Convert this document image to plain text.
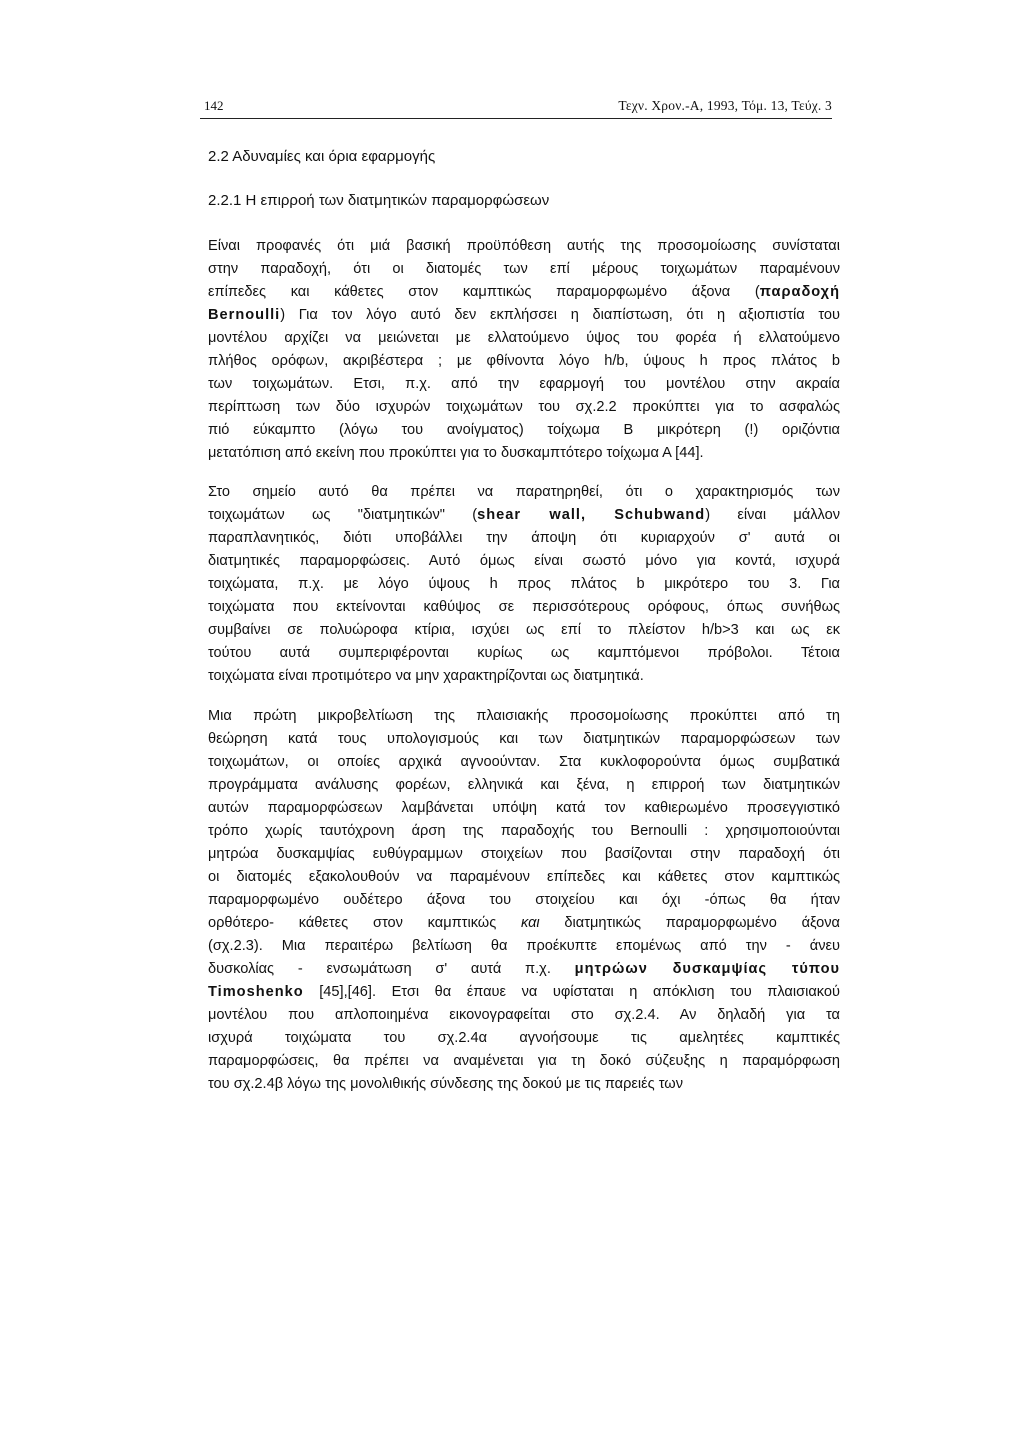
142	Τεχν. Χρον.-Α, 1993, Τόμ. 13, Τεύχ. 3
2.2 Αδυναμίες και όρια εφαρμογής
2.2.1 Η επιρροή των διατμητικών παραμορφώσεων
Είναι προφανές ότι μιά βασική προϋπόθεση αυτής της προσομοίωσης συνίσταται
στην παραδοχή, ότι οι διατομές των επί μέρους τοιχωμάτων παραμένουν
επίπεδες και κάθετες στον καμπτικώς παραμορφωμένο άξονα (παραδοχή
Bernoulli) Για τον λόγο αυτό δεν εκπλήσσει η διαπίστωση, ότι η αξιοπιστία του
μοντέλου αρχίζει να μειώνεται με ελλατούμενο ύψος του φορέα ή ελλατούμενο
πλήθος ορόφων, ακριβέστερα ; με φθίνοντα λόγο h/b, ύψους h προς πλάτος b
των τοιχωμάτων. Ετσι, π.χ. από την εφαρμογή του μοντέλου στην ακραία
περίπτωση των δύο ισχυρών τοιχωμάτων του σχ.2.2 προκύπτει για το ασφαλώς
πιό εύκαμπτο (λόγω του ανοίγματος) τοίχωμα Β μικρότερη (!) οριζόντια
μετατόπιση από εκείνη που προκύπτει για το δυσκαμπτότερο τοίχωμα Α [44].
Στο σημείο αυτό θα πρέπει να παρατηρηθεί, ότι ο χαρακτηρισμός των
τοιχωμάτων ως "διατμητικών" (shear wall, Schubwand) είναι μάλλον
παραπλανητικός, διότι υποβάλλει την άποψη ότι κυριαρχούν σ' αυτά οι
διατμητικές παραμορφώσεις. Αυτό όμως είναι σωστό μόνο για κοντά, ισχυρά
τοιχώματα, π.χ. με λόγο ύψους h προς πλάτος b μικρότερο του 3. Για
τοιχώματα που εκτείνονται καθύψος σε περισσότερους ορόφους, όπως συνήθως
συμβαίνει σε πολυώροφα κτίρια, ισχύει ως επί το πλείστον h/b>3 και ως εκ
τούτου αυτά συμπεριφέρονται κυρίως ως καμπτόμενοι πρόβολοι. Τέτοια
τοιχώματα είναι προτιμότερο να μην χαρακτηρίζονται ως διατμητικά.
Μια πρώτη μικροβελτίωση της πλαισιακής προσομοίωσης προκύπτει από τη
θεώρηση κατά τους υπολογισμούς και των διατμητικών παραμορφώσεων των
τοιχωμάτων, οι οποίες αρχικά αγνοούνταν. Στα κυκλοφορούντα όμως συμβατικά
προγράμματα ανάλυσης φορέων, ελληνικά και ξένα, η επιρροή των διατμητικών
αυτών παραμορφώσεων λαμβάνεται υπόψη κατά τον καθιερωμένο προσεγγιστικό
τρόπο χωρίς ταυτόχρονη άρση της παραδοχής του Bernoulli : χρησιμοποιούνται
μητρώα δυσκαμψίας ευθύγραμμων στοιχείων που βασίζονται στην παραδοχή ότι
οι διατομές εξακολουθούν να παραμένουν επίπεδες και κάθετες στον καμπτικώς
παραμορφωμένο ουδέτερο άξονα του στοιχείου και όχι -όπως θα ήταν
ορθότερο- κάθετες στον καμπτικώς και διατμητικώς παραμορφωμένο άξονα
(σχ.2.3). Μια περαιτέρω βελτίωση θα προέκυπτε επομένως από την - άνευ
δυσκολίας - ενσωμάτωση σ' αυτά π.χ. μητρώων δυσκαμψίας τύπου
Timoshenko [45],[46]. Ετσι θα έπαυε να υφίσταται η απόκλιση του πλαισιακού
μοντέλου που απλοποιημένα εικονογραφείται στο σχ.2.4. Αν δηλαδή για τα
ισχυρά τοιχώματα του σχ.2.4α αγνοήσουμε τις αμελητέες καμπτικές
παραμορφώσεις, θα πρέπει να αναμένεται για τη δοκό σύζευξης η παραμόρφωση
του σχ.2.4β λόγω της μονολιθικής σύνδεσης της δοκού με τις παρειές των
